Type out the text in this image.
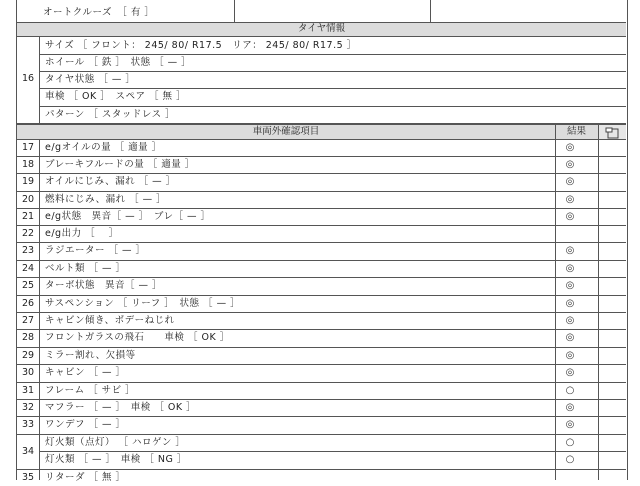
オートクルーズ　［ 有 ］
タイヤ情報
16
サイズ ［ フロント： 245/ 80/ R17.5　リア： 245/ 80/ R17.5 ］
ホイール ［ 鉄 ］　状態 ［ — ］
タイヤ状態 ［ — ］
車検 ［ OK ］　スペア ［ 無 ］
パターン ［ スタッドレス ］
車両外確認項目	結果
17	e/gオイルの量 ［ 適量 ］	◎
18	ブレーキフルードの量 ［ 適量 ］	◎
19	オイルにじみ、漏れ ［ — ］	◎
20	燃料にじみ、漏れ ［ — ］	◎
21	e/g状態　異音［ — ］　ブレ［ — ］	◎
22	e/g出力 ［　 ］
23	ラジエーター ［ — ］	◎
24	ベルト類 ［ — ］	◎
25	ターボ状態　異音［ — ］	◎
26	サスペンション ［ リーフ ］　状態 ［ — ］	◎
27	キャビン傾き、ボデーねじれ	◎
28	フロントガラスの飛石　　車検 ［ OK ］	◎
29	ミラー割れ、欠損等	◎
30	キャビン ［ — ］	◎
31	フレーム ［ サビ ］	○
32	マフラー ［ — ］　車検 ［ OK ］	◎
33	ワンデフ ［ — ］	◎
34
灯火類（点灯） ［ ハロゲン ］	○
灯火類 ［ — ］　車検 ［ NG ］	○
35	リターダ ［ 無 ］
